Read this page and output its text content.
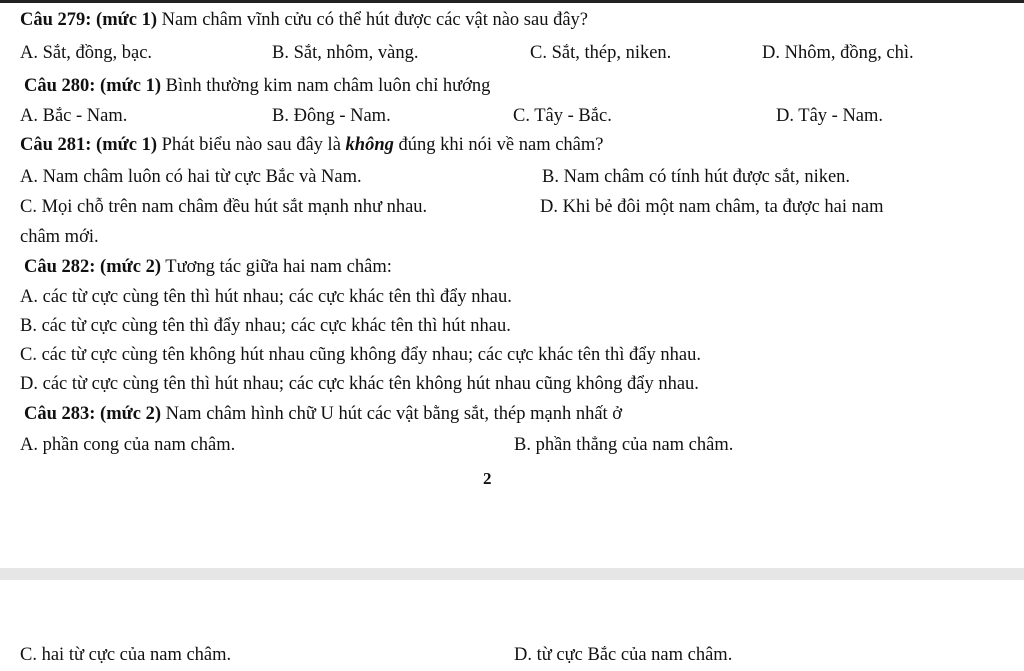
Câu 279: (mức 1) Nam châm vĩnh cửu có thể hút được các vật nào sau đây?
A. Sắt, đồng, bạc.	B. Sắt, nhôm, vàng.	C. Sắt, thép, niken.	D. Nhôm, đồng, chì.
Câu 280: (mức 1) Bình thường kim nam châm luôn chỉ hướng
A. Bắc - Nam.	B. Đông - Nam.	C. Tây - Bắc.	D. Tây - Nam.
Câu 281: (mức 1) Phát biểu nào sau đây là không đúng khi nói về nam châm?
A. Nam châm luôn có hai từ cực Bắc và Nam.	B. Nam châm có tính hút được sắt, niken.
C. Mọi chỗ trên nam châm đều hút sắt mạnh như nhau.	D. Khi bẻ đôi một nam châm, ta được hai nam
châm mới.
Câu 282: (mức 2) Tương tác giữa hai nam châm:
A. các từ cực cùng tên thì hút nhau; các cực khác tên thì đẩy nhau.
B. các từ cực cùng tên thì đẩy nhau; các cực khác tên thì hút nhau.
C. các từ cực cùng tên không hút nhau cũng không đẩy nhau; các cực khác tên thì đẩy nhau.
D. các từ cực cùng tên thì hút nhau; các cực khác tên không hút nhau cũng không đẩy nhau.
Câu 283: (mức 2) Nam châm hình chữ U hút các vật bằng sắt, thép mạnh nhất ở
A. phần cong của nam châm.	B. phần thẳng của nam châm.
2
C. hai từ cực của nam châm.	D. từ cực Bắc của nam châm.
